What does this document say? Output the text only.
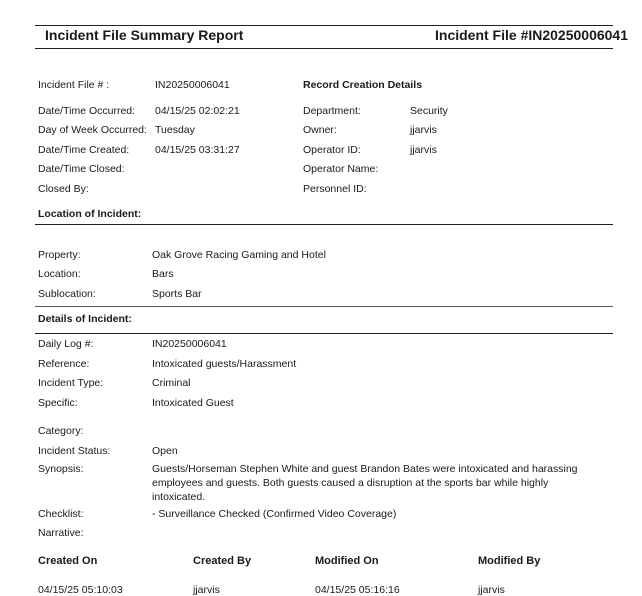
Incident File Summary Report	Incident File #IN20250006041
Incident File # :	IN20250006041
Date/Time Occurred: 04/15/25 02:02:21
Day of Week Occurred: Tuesday
Date/Time Created: 04/15/25 03:31:27
Date/Time Closed:
Closed By:
Record Creation Details
Department:	Security
Owner:	jjarvis
Operator ID:	jjarvis
Operator Name:
Personnel ID:
Location of Incident:
Property:	Oak Grove Racing Gaming and Hotel
Location:	Bars
Sublocation:	Sports Bar
Details of Incident:
Daily Log #:	IN20250006041
Reference:	Intoxicated guests/Harassment
Incident Type:	Criminal
Specific:	Intoxicated Guest
Category:
Incident Status:	Open
Synopsis:	Guests/Horseman Stephen White and guest Brandon Bates were intoxicated and harassing employees and guests. Both guests caused a disruption at the sports bar while highly intoxicated.
Checklist:	- Surveillance Checked (Confirmed Video Coverage)
Narrative:
Created On	Created By	Modified On	Modified By
04/15/25 05:10:03	jjarvis	04/15/25 05:16:16	jjarvis
